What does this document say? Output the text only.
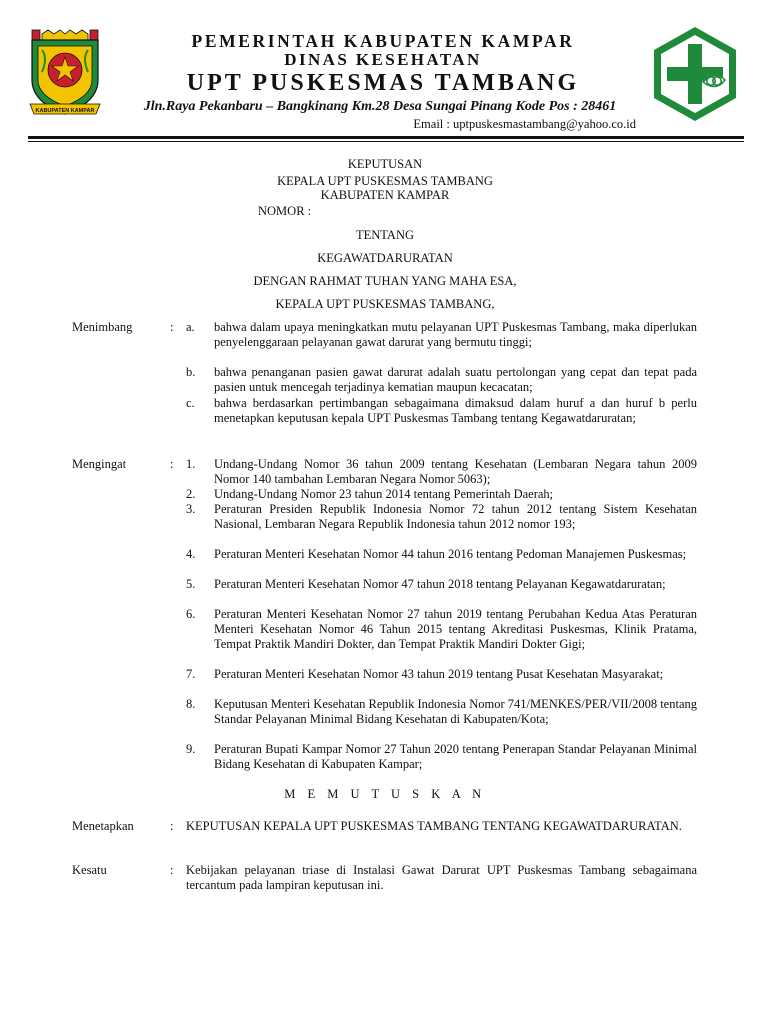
KABUPATEN KAMPAR
PEMERINTAH KABUPATEN KAMPAR
DINAS KESEHATAN
UPT PUSKESMAS TAMBANG
Jln.Raya Pekanbaru – Bangkinang Km.28 Desa Sungai Pinang Kode Pos : 28461
Email : uptpuskesmastambang@yahoo.co.id
KEPUTUSAN
KEPALA UPT PUSKESMAS TAMBANG
KABUPATEN KAMPAR
NOMOR :
TENTANG
KEGAWATDARURATAN
DENGAN RAHMAT TUHAN YANG MAHA ESA,
KEPALA UPT PUSKESMAS TAMBANG,
Menimbang	: a. bahwa dalam upaya meningkatkan mutu pelayanan UPT Puskesmas Tambang, maka diperlukan penyelenggaraan pelayanan gawat darurat yang bermutu tinggi;
b. bahwa penanganan pasien gawat darurat adalah suatu pertolongan yang cepat dan tepat pada pasien untuk mencegah terjadinya kematian maupun kecacatan;
c. bahwa berdasarkan pertimbangan sebagaimana dimaksud dalam huruf a dan huruf b perlu menetapkan keputusan kepala UPT Puskesmas Tambang tentang Kegawatdaruratan;
Mengingat	: 1. Undang-Undang Nomor 36 tahun 2009 tentang Kesehatan (Lembaran Negara tahun 2009 Nomor 140 tambahan Lembaran Negara Nomor 5063);
2. Undang-Undang Nomor 23 tahun 2014 tentang Pemerintah Daerah;
3. Peraturan Presiden Republik Indonesia Nomor 72 tahun 2012 tentang Sistem Kesehatan Nasional, Lembaran Negara Republik Indonesia tahun 2012 nomor 193;
4. Peraturan Menteri Kesehatan Nomor 44 tahun 2016 tentang Pedoman Manajemen Puskesmas;
5. Peraturan Menteri Kesehatan Nomor 47 tahun 2018 tentang Pelayanan Kegawatdaruratan;
6. Peraturan Menteri Kesehatan Nomor 27 tahun 2019 tentang Perubahan Kedua Atas Peraturan Menteri Kesehatan Nomor 46 Tahun 2015 tentang Akreditasi Puskesmas, Klinik Pratama, Tempat Praktik Mandiri Dokter, dan Tempat Praktik Mandiri Dokter Gigi;
7. Peraturan Menteri Kesehatan Nomor 43 tahun 2019 tentang Pusat Kesehatan Masyarakat;
8. Keputusan Menteri Kesehatan Republik Indonesia Nomor 741/MENKES/PER/VII/2008 tentang Standar Pelayanan Minimal Bidang Kesehatan di Kabupaten/Kota;
9. Peraturan Bupati Kampar Nomor 27 Tahun 2020 tentang Penerapan Standar Pelayanan Minimal Bidang Kesehatan di Kabupaten Kampar;
M E M U T U S K A N
Menetapkan	: KEPUTUSAN KEPALA UPT PUSKESMAS TAMBANG TENTANG KEGAWATDARURATAN.
Kesatu	: Kebijakan pelayanan triase di Instalasi Gawat Darurat UPT Puskesmas Tambang sebagaimana tercantum pada lampiran keputusan ini.
